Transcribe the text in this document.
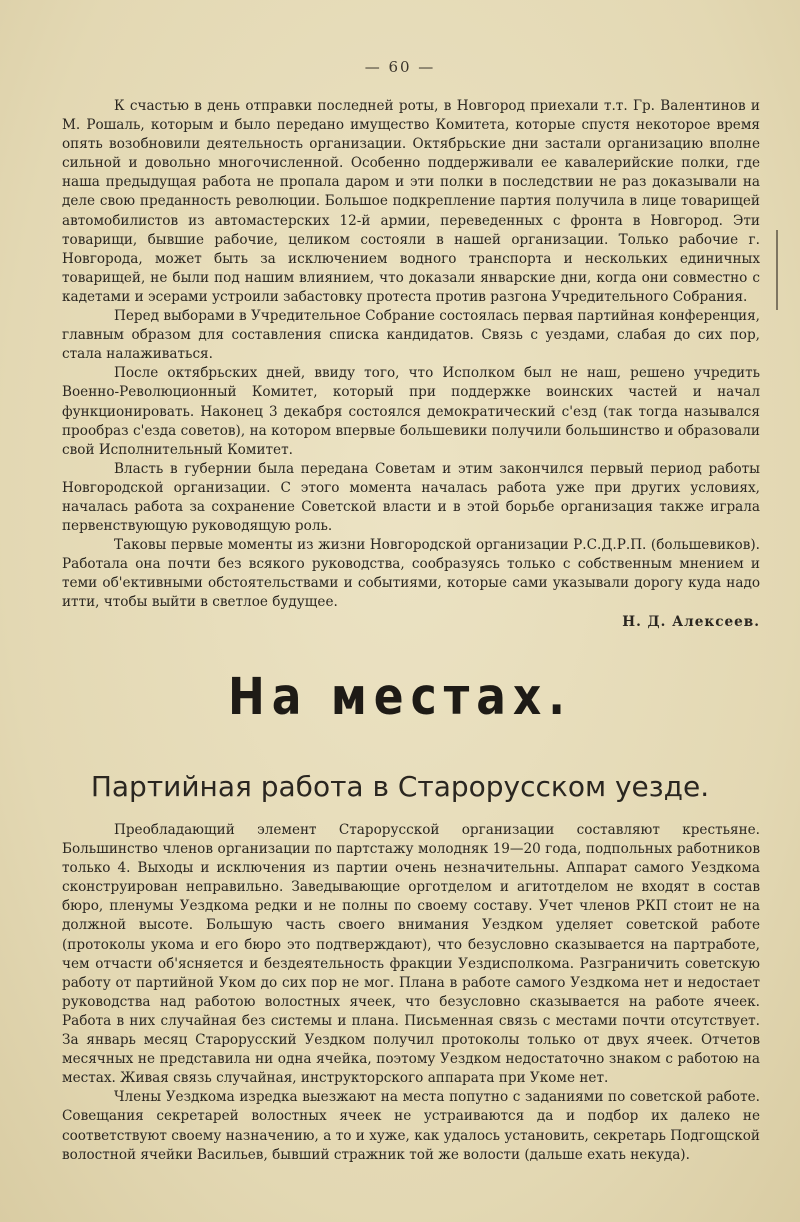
— 60 —

К счастью в день отправки последней роты, в Новгород приехали т.т. Гр. Валентинов и М. Рошаль, которым и было передано имущество Комитета, которые спустя некоторое время опять возобновили деятельность организации. Октябрьские дни застали организацию вполне сильной и довольно многочисленной. Особенно поддерживали ее кавалерийские полки, где наша предыдущая работа не пропала даром и эти полки в последствии не раз доказывали на деле свою преданность революции. Большое подкрепление партия получила в лице товарищей автомобилистов из автомастерских 12-й армии, переведенных с фронта в Новгород. Эти товарищи, бывшие рабочие, целиком состояли в нашей организации. Только рабочие г. Новгорода, может быть за исключением водного транспорта и нескольких единичных товарищей, не были под нашим влиянием, что доказали январские дни, когда они совместно с кадетами и эсерами устроили забастовку протеста против разгона Учредительного Собрания.

Перед выборами в Учредительное Собрание состоялась первая партийная конференция, главным образом для составления списка кандидатов. Связь с уездами, слабая до сих пор, стала налаживаться.

После октябрьских дней, ввиду того, что Исполком был не наш, решено учредить Военно-Революционный Комитет, который при поддержке воинских частей и начал функционировать. Наконец 3 декабря состоялся демократический с'езд (так тогда назывался прообраз с'езда советов), на котором впервые большевики получили большинство и образовали свой Исполнительный Комитет.

Власть в губернии была передана Советам и этим закончился первый период работы Новгородской организации. С этого момента началась работа уже при других условиях, началась работа за сохранение Советской власти и в этой борьбе организация также играла первенствующую руководящую роль.

Таковы первые моменты из жизни Новгородской организации Р.С.Д.Р.П. (большевиков). Работала она почти без всякого руководства, сообразуясь только с собственным мнением и теми об'ективными обстоятельствами и событиями, которые сами указывали дорогу куда надо итти, чтобы выйти в светлое будущее.

Н. Д. Алексеев.
На местах.
Партийная работа в Старорусском уезде.

Преобладающий элемент Старорусской организации составляют крестьяне. Большинство членов организации по партстажу молодняк 19—20 года, подпольных работников только 4. Выходы и исключения из партии очень незначительны. Аппарат самого Уездкома сконструирован неправильно. Заведывающие орготделом и агитотделом не входят в состав бюро, пленумы Уездкома редки и не полны по своему составу. Учет членов РКП стоит не на должной высоте. Большую часть своего внимания Уездком уделяет советской работе (протоколы укома и его бюро это подтверждают), что безусловно сказывается на партработе, чем отчасти об'ясняется и бездеятельность фракции Уездисполкома. Разграничить советскую работу от партийной Уком до сих пор не мог. Плана в работе самого Уездкома нет и недостает руководства над работою волостных ячеек, что безусловно сказывается на работе ячеек. Работа в них случайная без системы и плана. Письменная связь с местами почти отсутствует. За январь месяц Старорусский Уездком получил протоколы только от двух ячеек. Отчетов месячных не представила ни одна ячейка, поэтому Уездком недостаточно знаком с работою на местах. Живая связь случайная, инструкторского аппарата при Укоме нет.

Члены Уездкома изредка выезжают на места попутно с заданиями по советской работе. Совещания секретарей волостных ячеек не устраиваются да и подбор их далеко не соответствуют своему назначению, а то и хуже, как удалось установить, секретарь Подгощской волостной ячейки Васильев, бывший стражник той же волости (дальше ехать некуда).
